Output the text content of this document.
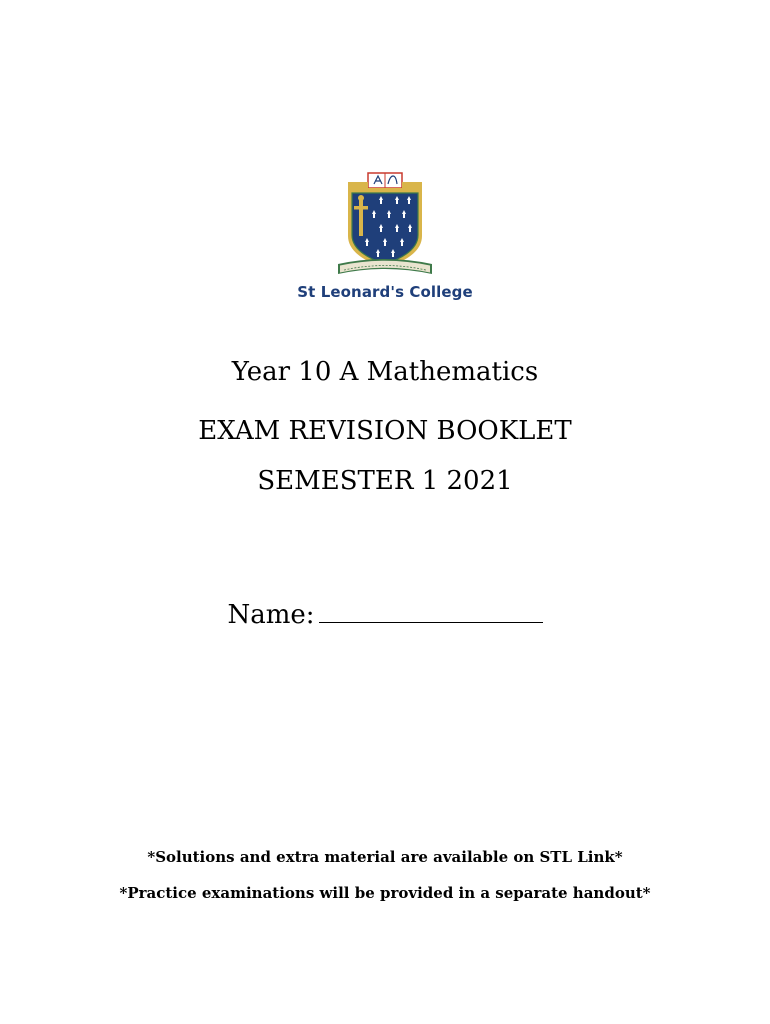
St Leonard's College
Year 10 A Mathematics
EXAM REVISION BOOKLET
SEMESTER 1 2021
Name:
*Solutions and extra material are available on STL Link*
*Practice examinations will be provided in a separate handout*
